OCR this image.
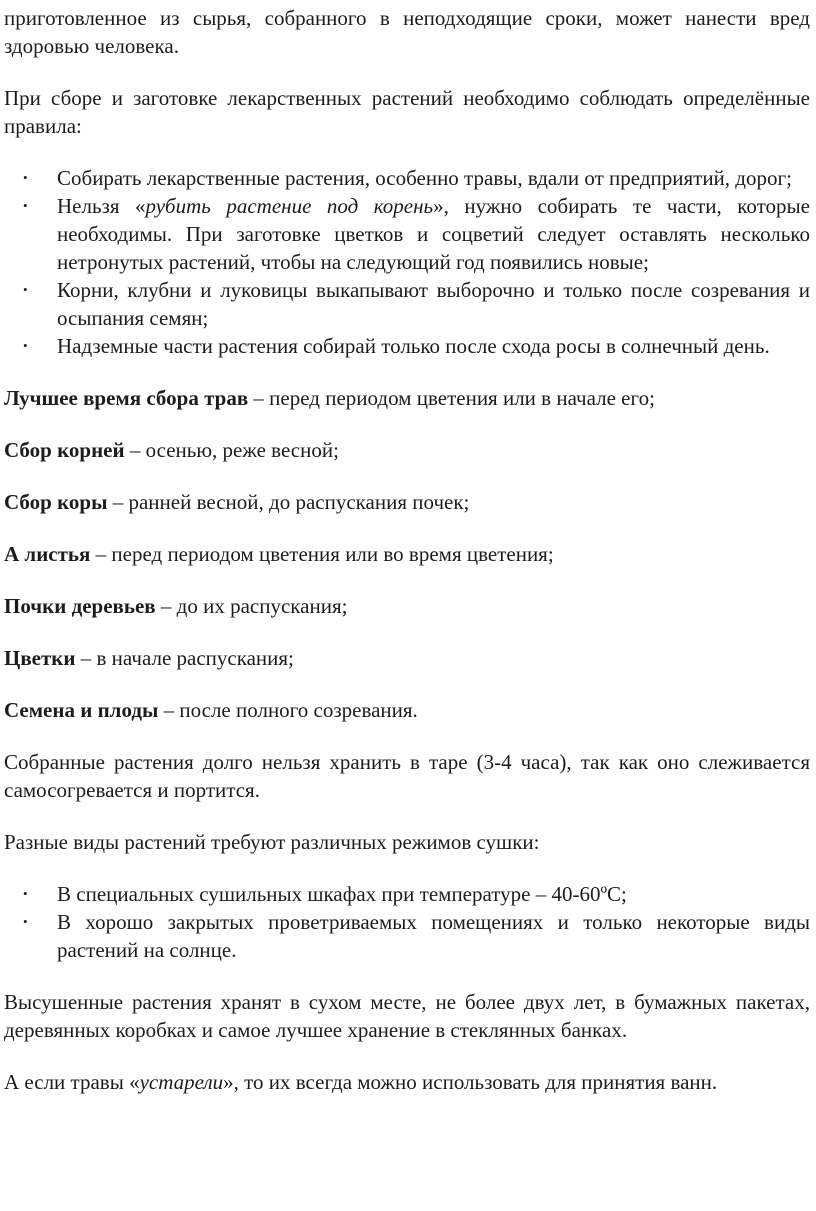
приготовленное из сырья, собранного в неподходящие сроки, может нанести вред здоровью человека.

При сборе и заготовке лекарственных растений необходимо соблюдать определённые правила:

• Собирать лекарственные растения, особенно травы, вдали от предприятий, дорог;
• Нельзя «рубить растение под корень», нужно собирать те части, которые необходимы. При заготовке цветков и соцветий следует оставлять несколько нетронутых растений, чтобы на следующий год появились новые;
• Корни, клубни и луковицы выкапывают выборочно и только после созревания и осыпания семян;
• Надземные части растения собирай только после схода росы в солнечный день.

Лучшее время сбора трав – перед периодом цветения или в начале его;

Сбор корней – осенью, реже весной;

Сбор коры – ранней весной, до распускания почек;

А листья – перед периодом цветения или во время цветения;

Почки деревьев – до их распускания;

Цветки – в начале распускания;

Семена и плоды – после полного созревания.

Собранные растения долго нельзя хранить в таре (3-4 часа), так как оно слеживается самосогревается и портится.

Разные виды растений требуют различных режимов сушки:

• В специальных сушильных шкафах при температуре – 40-60ºС;
• В хорошо закрытых проветриваемых помещениях и только некоторые виды растений на солнце.

Высушенные растения хранят в сухом месте, не более двух лет, в бумажных пакетах, деревянных коробках и самое лучшее хранение в стеклянных банках.

А если травы «устарели», то их всегда можно использовать для принятия ванн.
